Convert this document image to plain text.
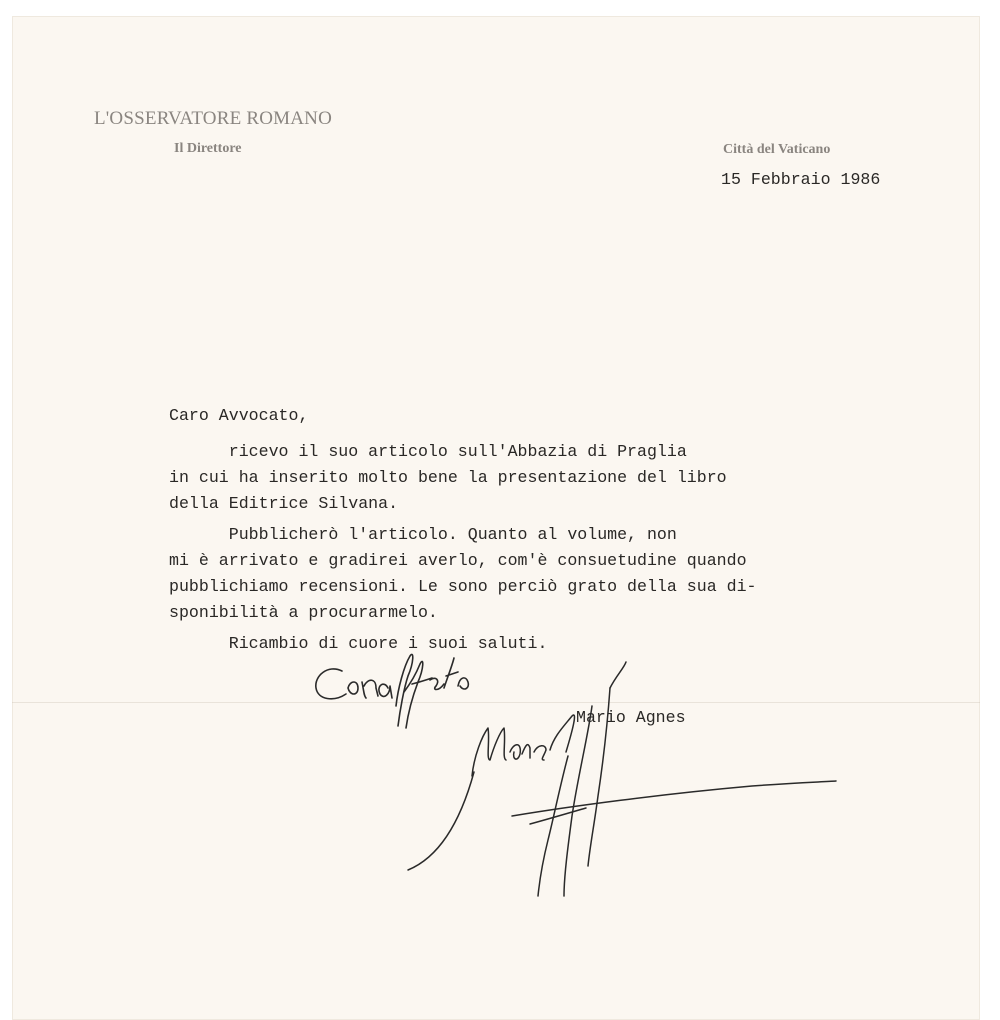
L'OSSERVATORE ROMANO
Il Direttore	Città del Vaticano
15 Febbraio 1986
Caro Avvocato,
ricevo il suo articolo sull'Abbazia di Praglia
in cui ha inserito molto bene la presentazione del libro
della Editrice Silvana.
Pubblicherò l'articolo. Quanto al volume, non
mi è arrivato e gradirei averlo, com'è consuetudine quando
pubblichiamo recensioni. Le sono perciò grato della sua di-
sponibilità a procurarmelo.
Ricambio di cuore i suoi saluti.
Mario Agnes
